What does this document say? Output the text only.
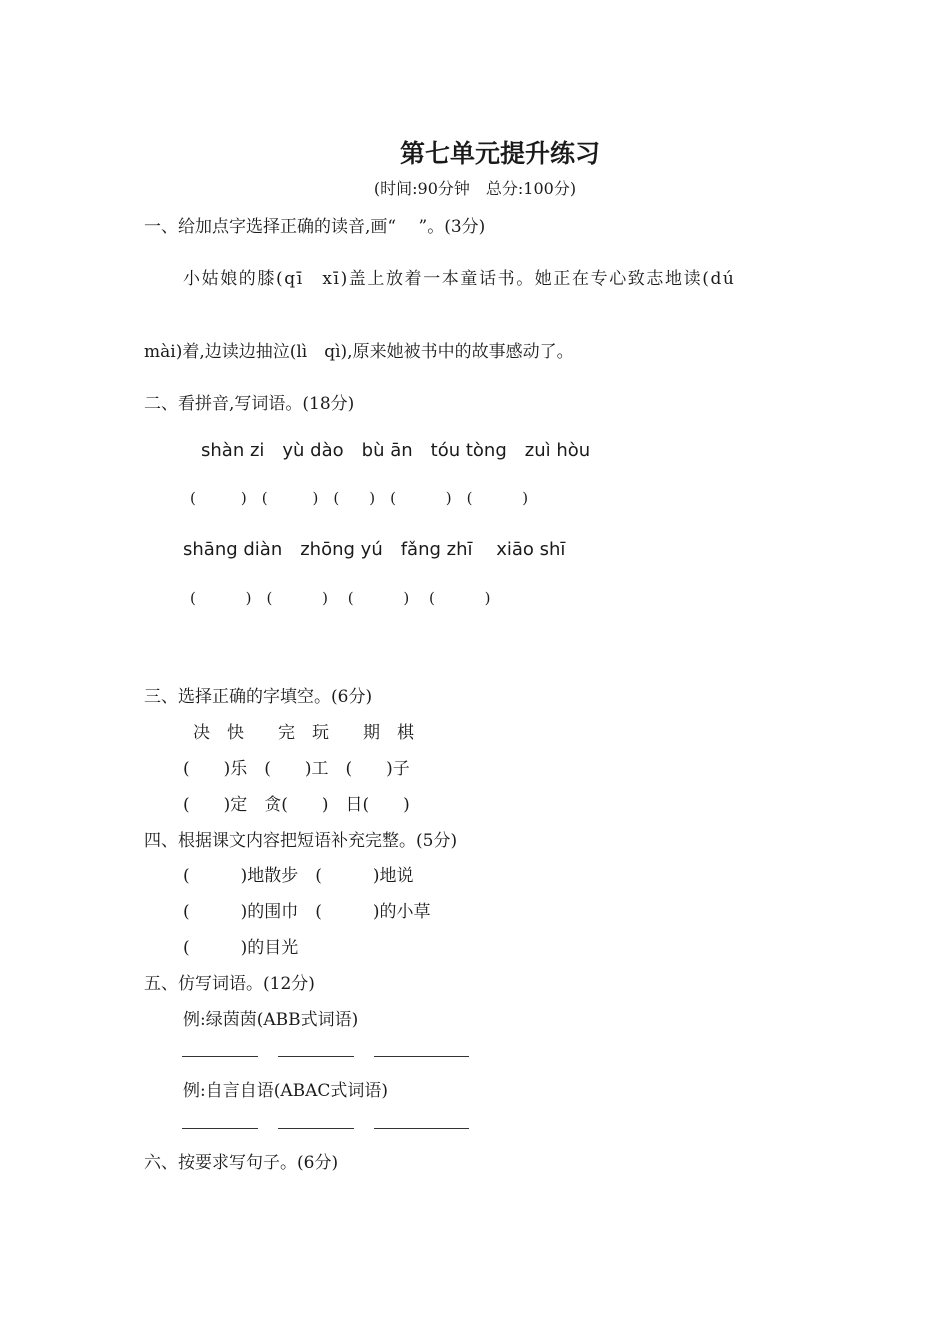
第七单元提升练习
(时间:90分钟　总分:100分)
一、给加点字选择正确的读音,画“　 ”。(3分)
小姑娘的膝(qī　xī)盖上放着一本童话书。她正在专心致志地读(dú
mài)着,边读边抽泣(lì　qì),原来她被书中的故事感动了。
二、看拼音,写词语。(18分)
shàn zi　yù dào　bù ān　tóu tòng　zuì hòu
(　　　)　(　　　)　(　　)　(　　　 )　(　　　 )
shāng diàn　zhōng yú　fǎng zhī　 xiāo shī
(　　　 )　(　　　 )　 (　　　 )　 (　　　 )
三、选择正确的字填空。(6分)
决　快　　完　玩　　期　棋
(　　)乐　(　　)工　(　　)子
(　　)定　贪(　　)　日(　　)
四、根据课文内容把短语补充完整。(5分)
(　　　)地散步　(　　　)地说
(　　　)的围巾　(　　　)的小草
(　　　)的目光
五、仿写词语。(12分)
例:绿茵茵(ABB式词语)
例:自言自语(ABAC式词语)
六、按要求写句子。(6分)
